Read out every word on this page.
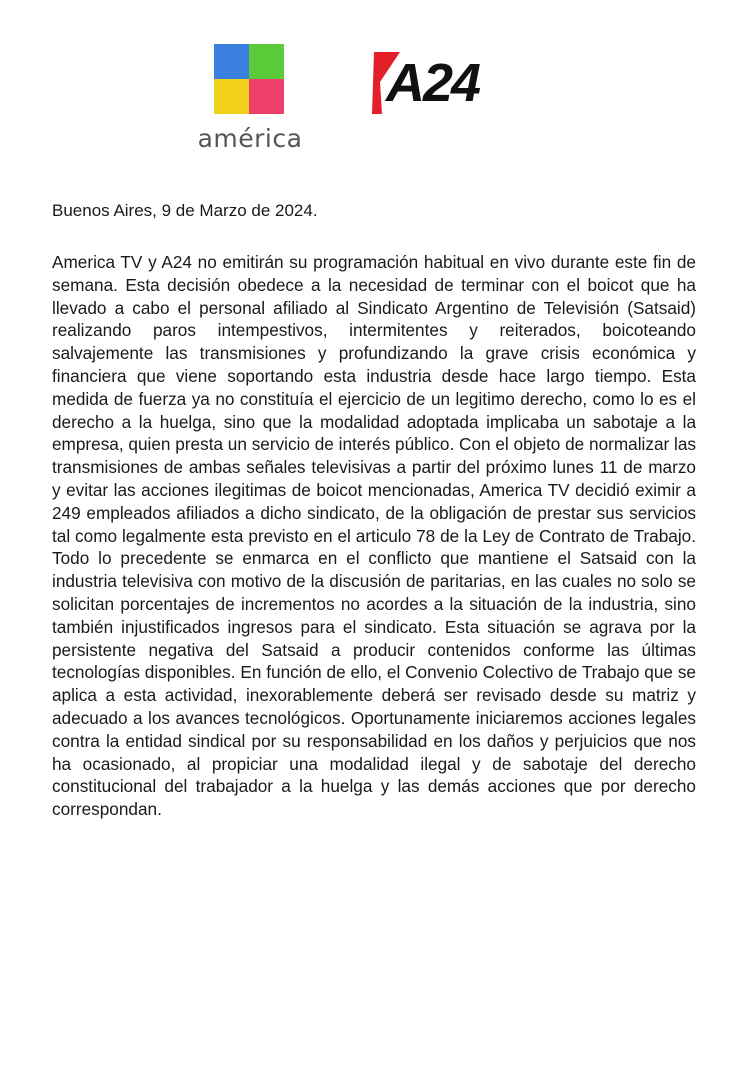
américa
A24
Buenos Aires, 9 de Marzo de 2024.

America TV y A24 no emitirán su programación habitual en vivo durante este fin de semana. Esta decisión obedece a la necesidad de terminar con el boicot que ha llevado a cabo el personal afiliado al Sindicato Argentino de Televisión (Satsaid) realizando paros intempestivos, intermitentes y reiterados, boicoteando salvajemente las transmisiones y profundizando la grave crisis económica y financiera que viene soportando esta industria desde hace largo tiempo. Esta medida de fuerza ya no constituía el ejercicio de un legitimo derecho, como lo es el derecho a la huelga, sino que la modalidad adoptada implicaba un sabotaje a la empresa, quien presta un servicio de interés público. Con el objeto de normalizar las transmisiones de ambas señales televisivas a partir del próximo lunes 11 de marzo y evitar las acciones ilegitimas de boicot mencionadas, America TV decidió eximir a 249 empleados afiliados a dicho sindicato, de la obligación de prestar sus servicios tal como legalmente esta previsto en el articulo 78 de la Ley de Contrato de Trabajo. Todo lo precedente se enmarca en el conflicto que mantiene el Satsaid con la industria televisiva con motivo de la discusión de paritarias, en las cuales no solo se solicitan porcentajes de incrementos no acordes a la situación de la industria, sino también injustificados ingresos para el sindicato. Esta situación se agrava por la persistente negativa del Satsaid a producir contenidos conforme las últimas tecnologías disponibles. En función de ello, el Convenio Colectivo de Trabajo que se aplica a esta actividad, inexorablemente deberá ser revisado desde su matriz y adecuado a los avances tecnológicos. Oportunamente iniciaremos acciones legales contra la entidad sindical por su responsabilidad en los daños y perjuicios que nos ha ocasionado, al propiciar una modalidad ilegal y de sabotaje del derecho constitucional del trabajador a la huelga y las demás acciones que por derecho correspondan.
